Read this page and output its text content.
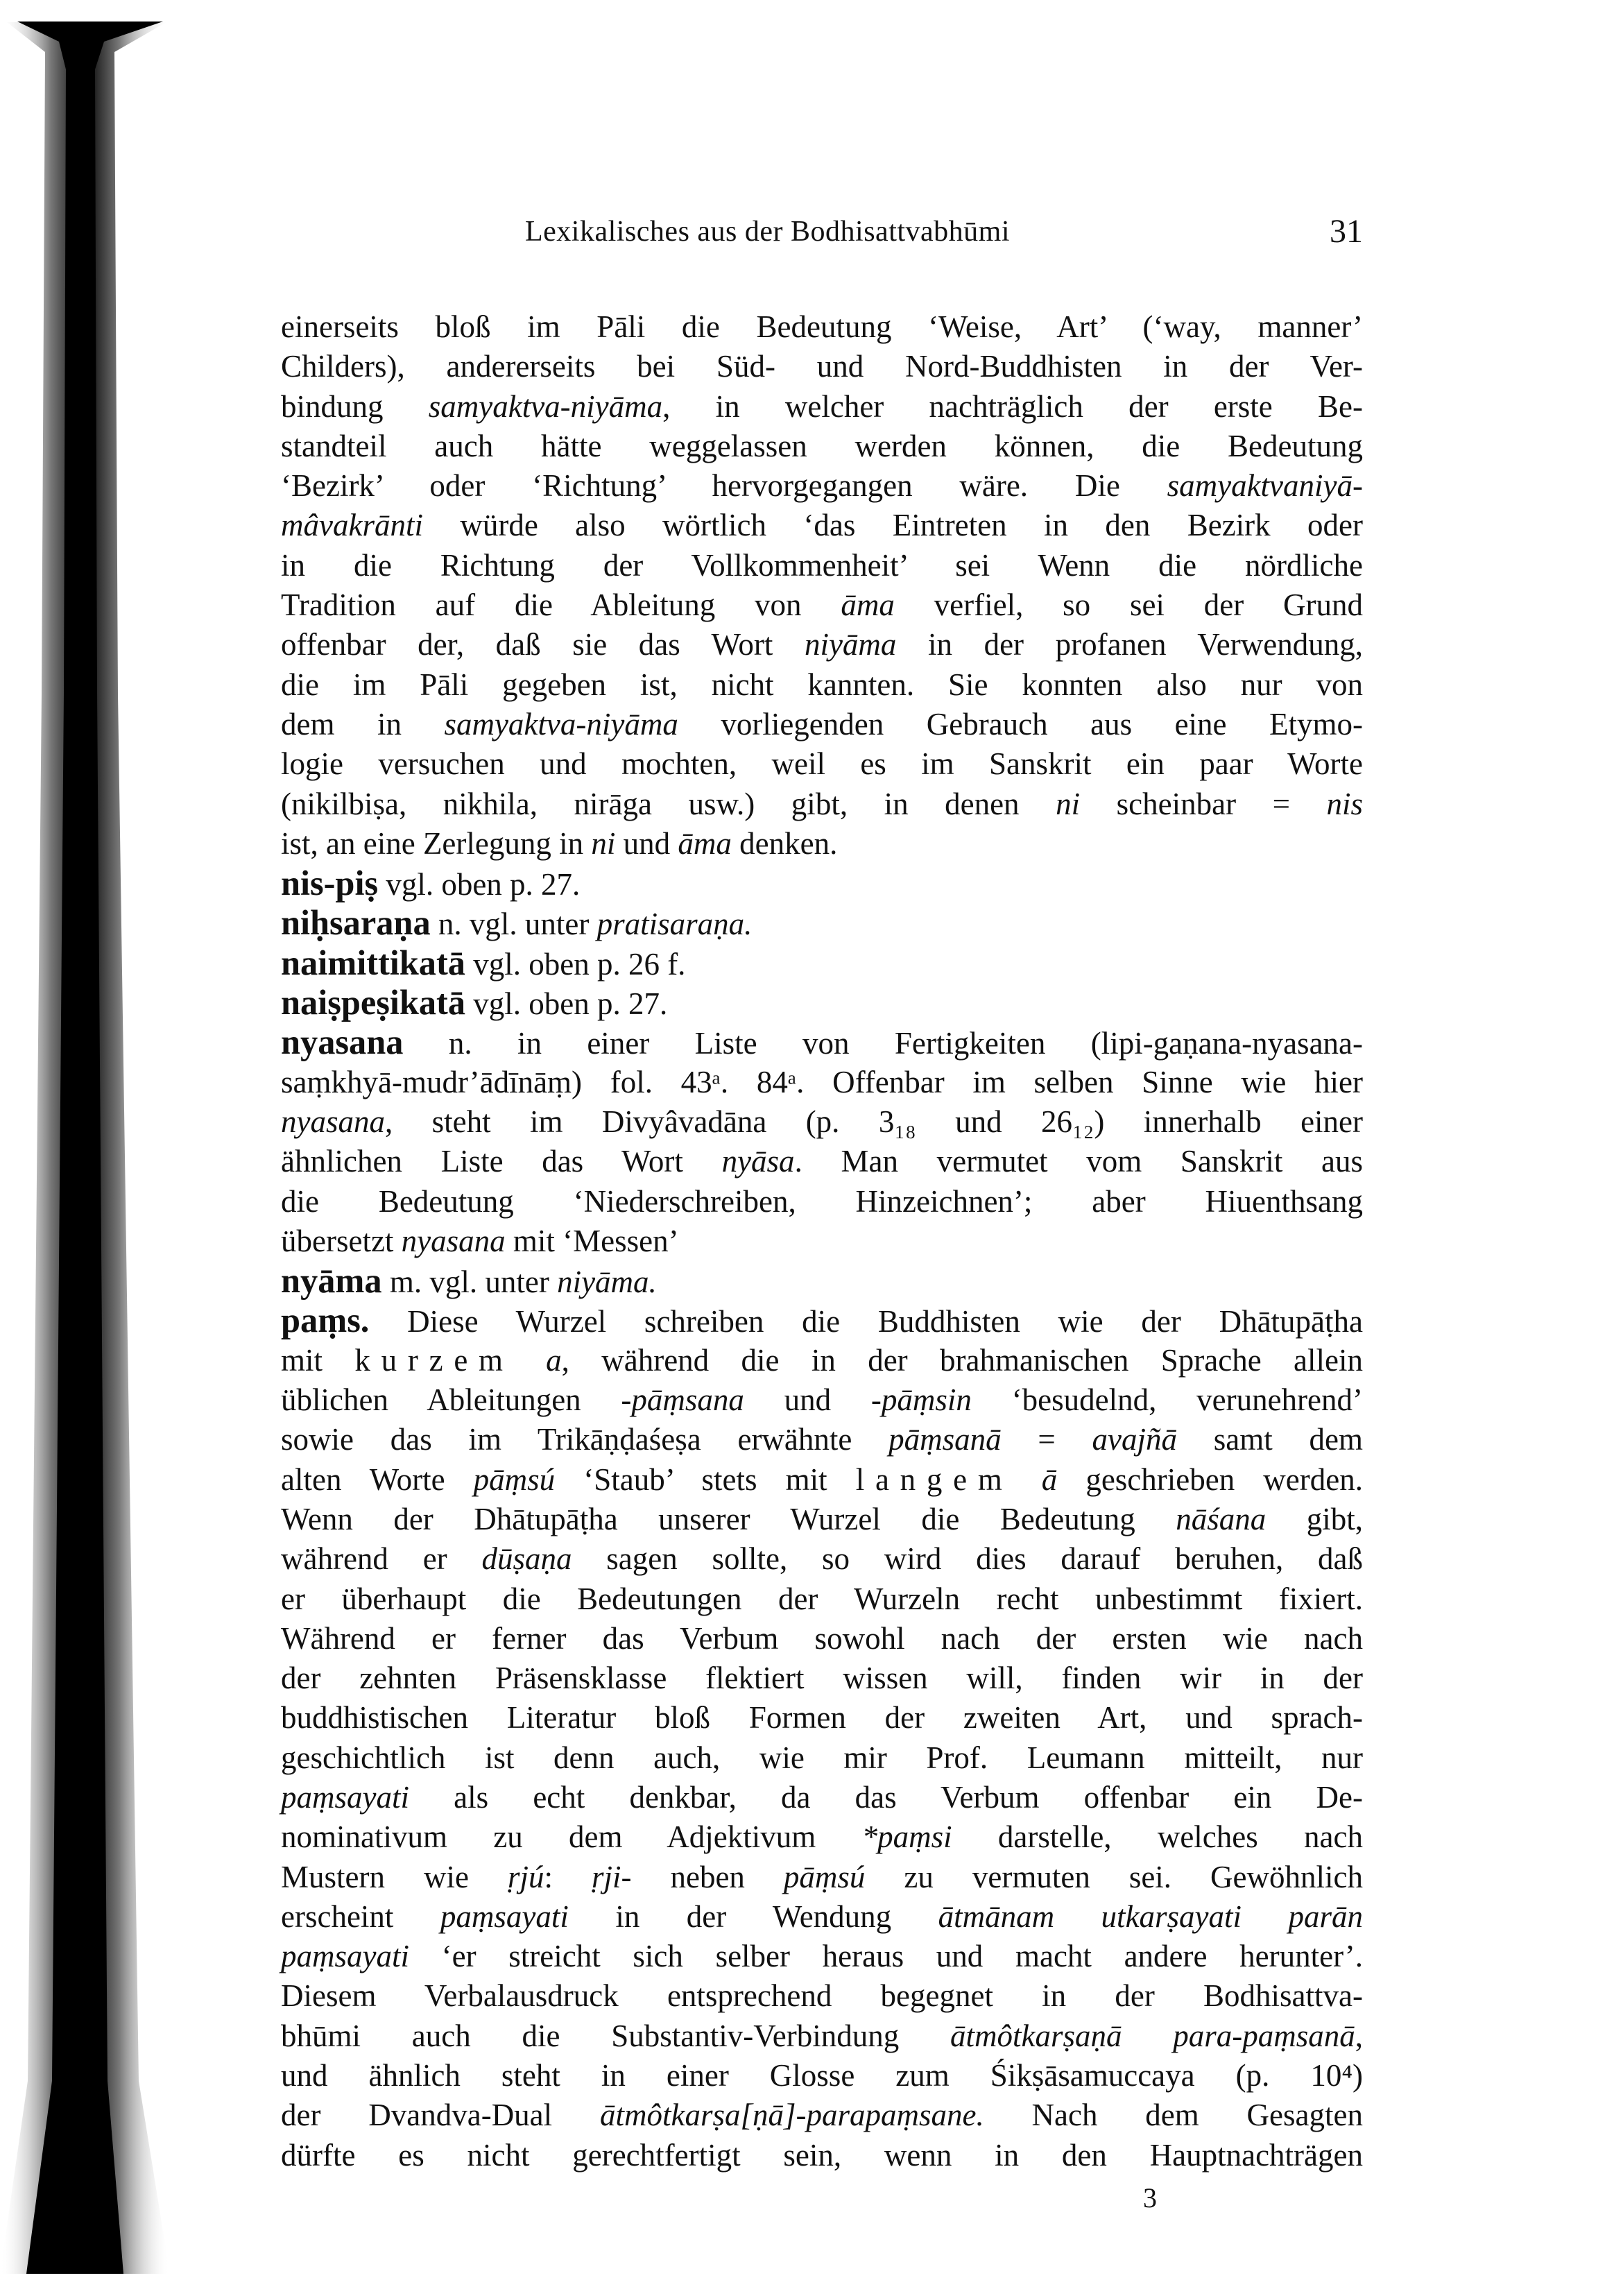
Lexikalisches aus der Bodhisattvabhūmi	31
einerseits bloß im Pāli die Bedeutung ‘Weise, Art’ (‘way, manner’
Childers), andererseits bei Süd- und Nord-Buddhisten in der Ver-
bindung samyaktva-niyāma, in welcher nachträglich der erste Be-
standteil auch hätte weggelassen werden können, die Bedeutung
‘Bezirk’ oder ‘Richtung’ hervorgegangen wäre. Die samyaktvaniyā-
mâvakrānti würde also wörtlich ‘das Eintreten in den Bezirk oder
in die Richtung der Vollkommenheit’ sei Wenn die nördliche
Tradition auf die Ableitung von āma verfiel, so sei der Grund
offenbar der, daß sie das Wort niyāma in der profanen Verwendung,
die im Pāli gegeben ist, nicht kannten. Sie konnten also nur von
dem in samyaktva-niyāma vorliegenden Gebrauch aus eine Etymo-
logie versuchen und mochten, weil es im Sanskrit ein paar Worte
(nikilbiṣa, nikhila, nirāga usw.) gibt, in denen ni scheinbar = nis
ist, an eine Zerlegung in ni und āma denken.
nis-piṣ vgl. oben p. 27.
niḥsaraṇa n. vgl. unter pratisaraṇa.
naimittikatā vgl. oben p. 26 f.
naiṣpeṣikatā vgl. oben p. 27.
nyasana n. in einer Liste von Fertigkeiten (lipi-gaṇana-nyasana-
saṃkhyā-mudr’ādīnāṃ) fol. 43ᵃ. 84ᵃ. Offenbar im selben Sinne wie hier
nyasana, steht im Divyâvadāna (p. 3₁₈ und 26₁₂) innerhalb einer
ähnlichen Liste das Wort nyāsa. Man vermutet vom Sanskrit aus
die Bedeutung ‘Niederschreiben, Hinzeichnen’; aber Hiuenthsang
übersetzt nyasana mit ‘Messen’
nyāma m. vgl. unter niyāma.
paṃs. Diese Wurzel schreiben die Buddhisten wie der Dhātupāṭha
mit kurzem a, während die in der brahmanischen Sprache allein
üblichen Ableitungen -pāṃsana und -pāṃsin ‘besudelnd, verunehrend’
sowie das im Trikāṇḍaśeṣa erwähnte pāṃsanā = avajñā samt dem
alten Worte pāṃsú ‘Staub’ stets mit langem ā geschrieben werden.
Wenn der Dhātupāṭha unserer Wurzel die Bedeutung nāśana gibt,
während er dūṣaṇa sagen sollte, so wird dies darauf beruhen, daß
er überhaupt die Bedeutungen der Wurzeln recht unbestimmt fixiert.
Während er ferner das Verbum sowohl nach der ersten wie nach
der zehnten Präsensklasse flektiert wissen will, finden wir in der
buddhistischen Literatur bloß Formen der zweiten Art, und sprach-
geschichtlich ist denn auch, wie mir Prof. Leumann mitteilt, nur
paṃsayati als echt denkbar, da das Verbum offenbar ein De-
nominativum zu dem Adjektivum *paṃsi darstelle, welches nach
Mustern wie ṛjú: ṛji- neben pāṃsú zu vermuten sei. Gewöhnlich
erscheint paṃsayati in der Wendung ātmānam utkarṣayati parān
paṃsayati ‘er streicht sich selber heraus und macht andere herunter’.
Diesem Verbalausdruck entsprechend begegnet in der Bodhisattva-
bhūmi auch die Substantiv-Verbindung ātmôtkarṣaṇā para-paṃsanā,
und ähnlich steht in einer Glosse zum Śikṣāsamuccaya (p. 10⁴)
der Dvandva-Dual ātmôtkarṣa[ṇā]-parapaṃsane. Nach dem Gesagten
dürfte es nicht gerechtfertigt sein, wenn in den Hauptnachträgen
3
